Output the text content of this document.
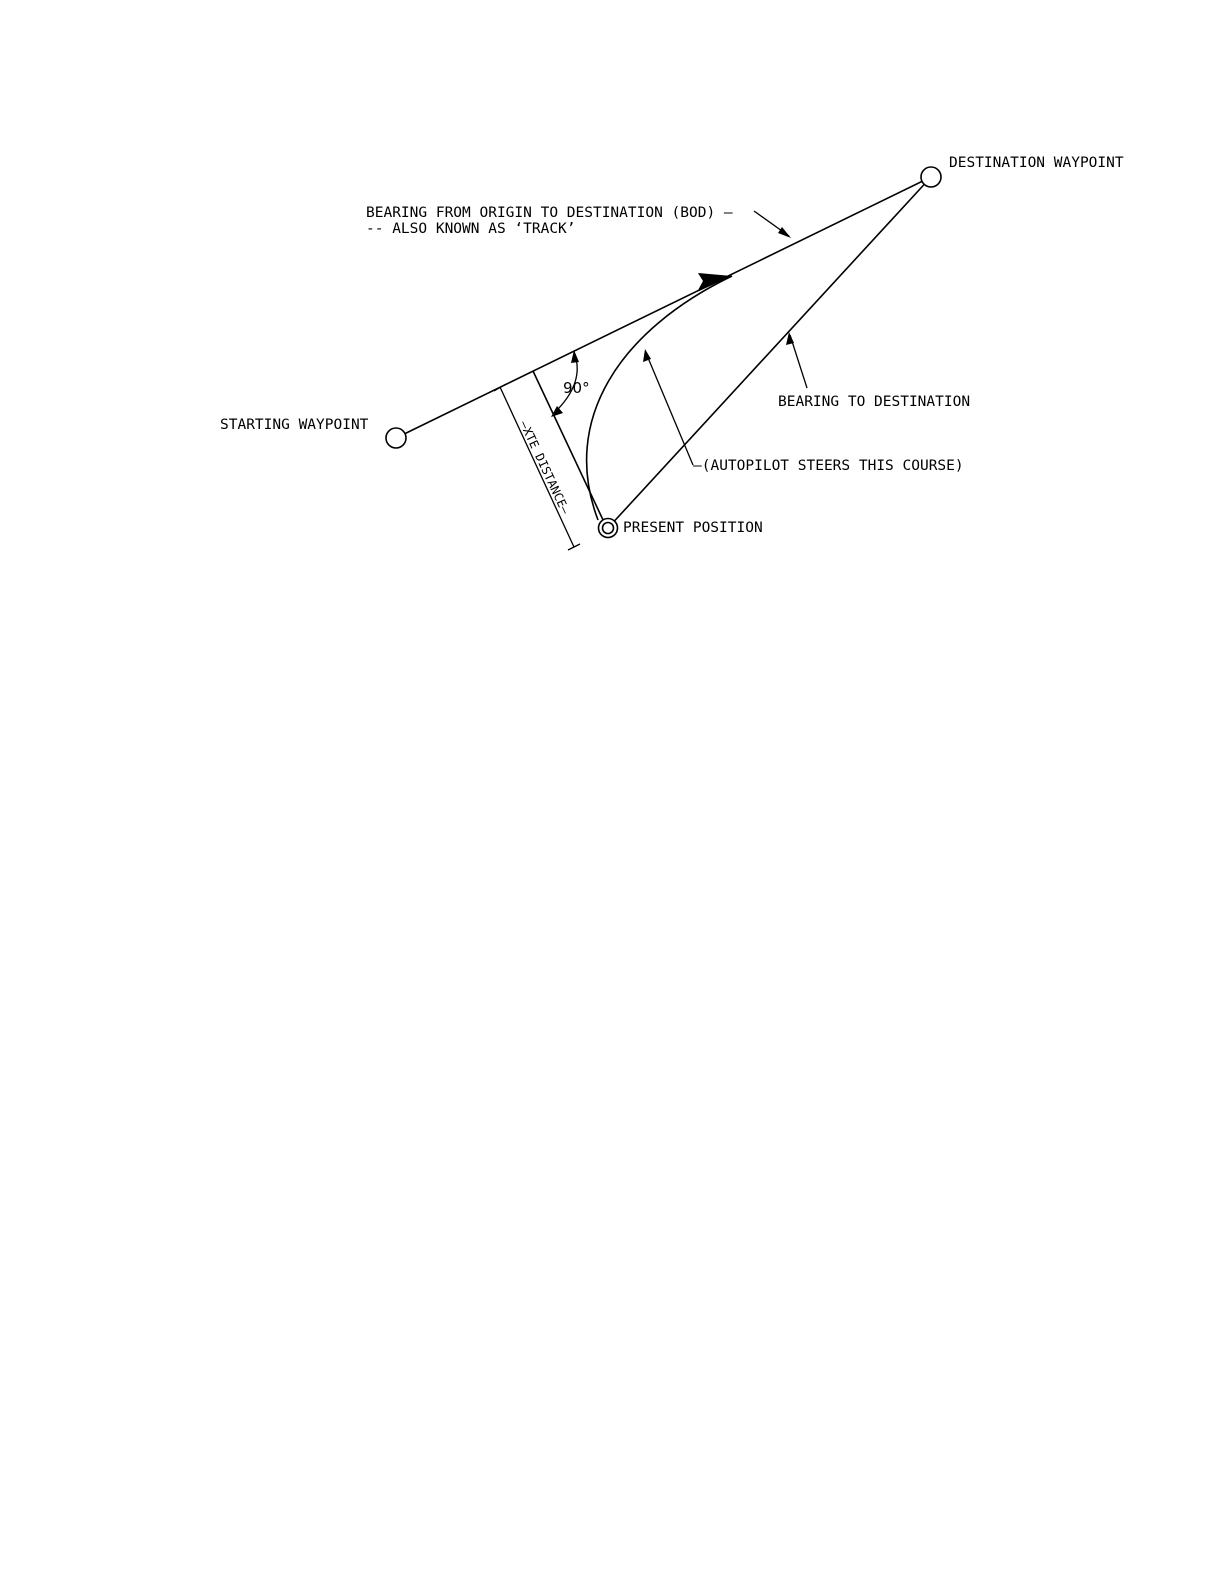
DESTINATION WAYPOINT
BEARING FROM ORIGIN TO DESTINATION (BOD) —
-- ALSO KNOWN AS ‘TRACK’
STARTING WAYPOINT
90°
BEARING TO DESTINATION
—(AUTOPILOT STEERS THIS COURSE)
PRESENT POSITION
—XTE DISTANCE—
